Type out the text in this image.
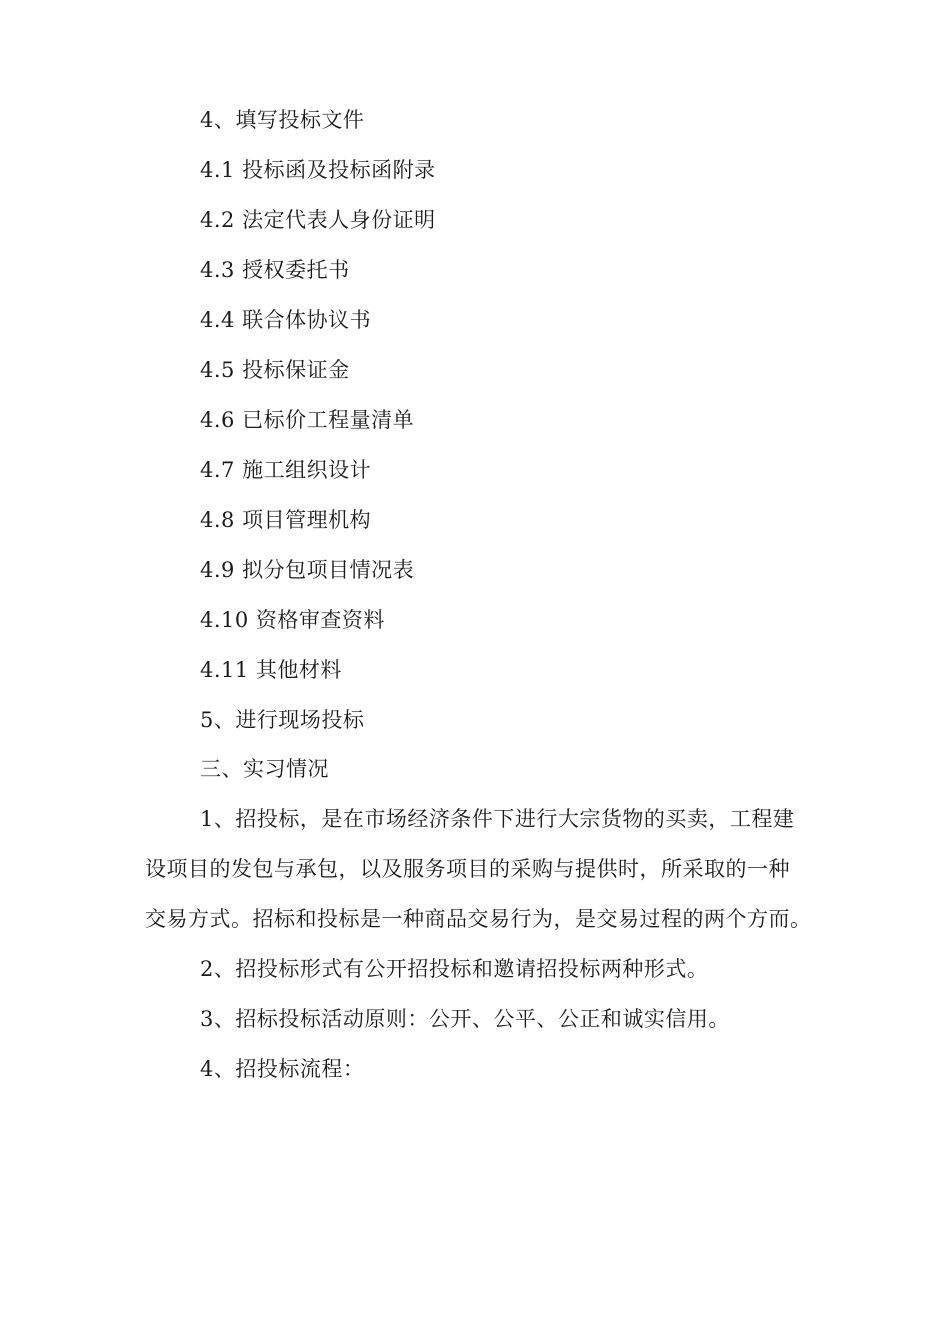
4、填写投标文件
4.1 投标函及投标函附录
4.2 法定代表人身份证明
4.3 授权委托书
4.4 联合体协议书
4.5 投标保证金
4.6 已标价工程量清单
4.7 施工组织设计
4.8 项目管理机构
4.9 拟分包项目情况表
4.10 资格审查资料
4.11 其他材料
5、进行现场投标
三、实习情况
1、招投标，是在市场经济条件下进行大宗货物的买卖，工程建
设项目的发包与承包，以及服务项目的采购与提供时，所采取的一种
交易方式。招标和投标是一种商品交易行为，是交易过程的两个方而。
2、招投标形式有公开招投标和邀请招投标两种形式。
3、招标投标活动原则：公开、公平、公正和诚实信用。
4、招投标流程：
